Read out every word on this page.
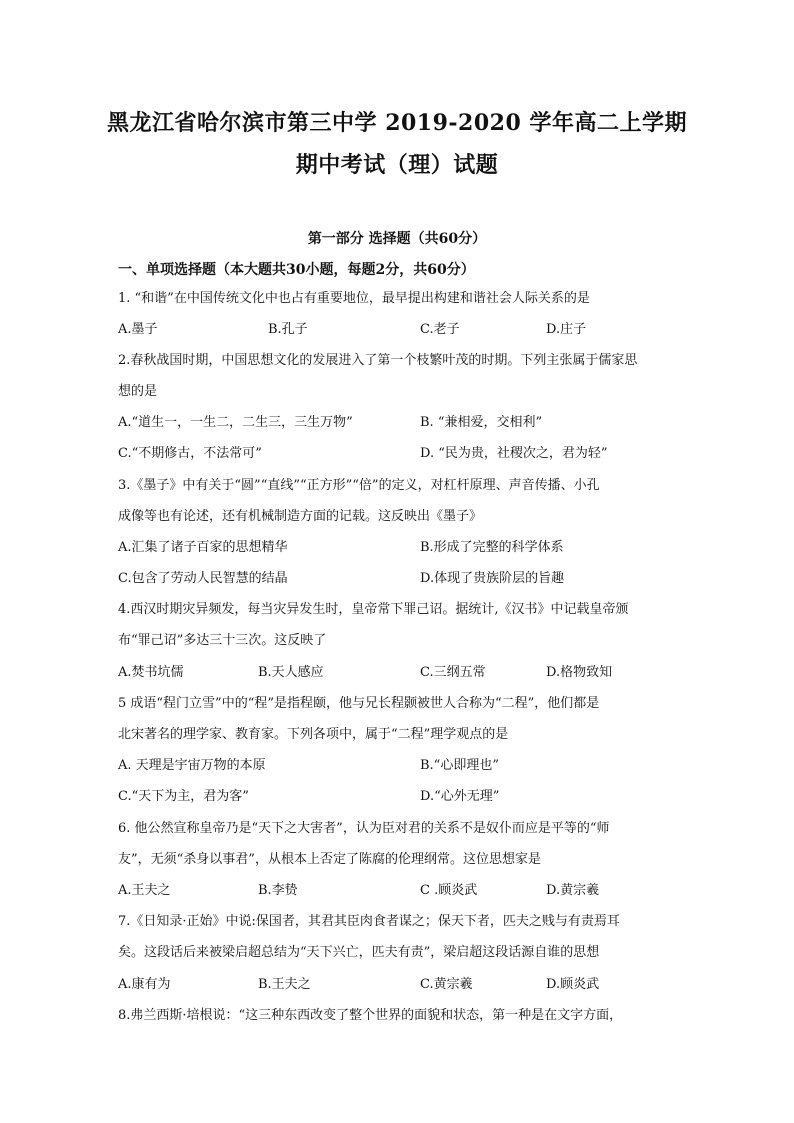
黑龙江省哈尔滨市第三中学 2019-2020 学年高二上学期
期中考试（理）试题
第一部分 选择题（共60分）
一、单项选择题（本大题共30小题，每题2分，共60分）
1. “和谐”在中国传统文化中也占有重要地位，最早提出构建和谐社会人际关系的是
A.墨子	B.孔子	C.老子	D.庄子
2.春秋战国时期，中国思想文化的发展进入了第一个枝繁叶茂的时期。下列主张属于儒家思
想的是
A.“道生一，一生二，二生三，三生万物”	B. “兼相爱，交相利”
C.“不期修古，不法常可”	D. “民为贵，社稷次之，君为轻”
3.《墨子》中有关于“圆”“直线”“正方形”“倍”的定义，对杠杆原理、声音传播、小孔
成像等也有论述，还有机械制造方面的记载。这反映出《墨子》
A.汇集了诸子百家的思想精华	B.形成了完整的科学体系
C.包含了劳动人民智慧的结晶	D.体现了贵族阶层的旨趣
4.西汉时期灾异频发，每当灾异发生时，皇帝常下罪己诏。据统计,《汉书》中记载皇帝颁
布“罪己诏”多达三十三次。这反映了
A.焚书坑儒	B.天人感应	C.三纲五常	D.格物致知
5 成语“程门立雪”中的“程”是指程颐，他与兄长程颢被世人合称为“二程”，他们都是
北宋著名的理学家、教育家。下列各项中，属于“二程”理学观点的是
A. 天理是宇宙万物的本原	B.“心即理也”
C.“天下为主，君为客”	D.“心外无理”
6. 他公然宣称皇帝乃是“天下之大害者”，认为臣对君的关系不是奴仆而应是平等的“师
友”，无须“杀身以事君”，从根本上否定了陈腐的伦理纲常。这位思想家是
A.王夫之	B.李贽	C .顾炎武	D.黄宗羲
7.《日知录·正始》中说:保国者，其君其臣肉食者谋之；保天下者，匹夫之贱与有责焉耳
矣。这段话后来被梁启超总结为“天下兴亡，匹夫有责”，梁启超这段话源自谁的思想
A.康有为	B.王夫之	C.黄宗羲	D.顾炎武
8.弗兰西斯·培根说：“这三种东西改变了整个世界的面貌和状态，第一种是在文字方面，
